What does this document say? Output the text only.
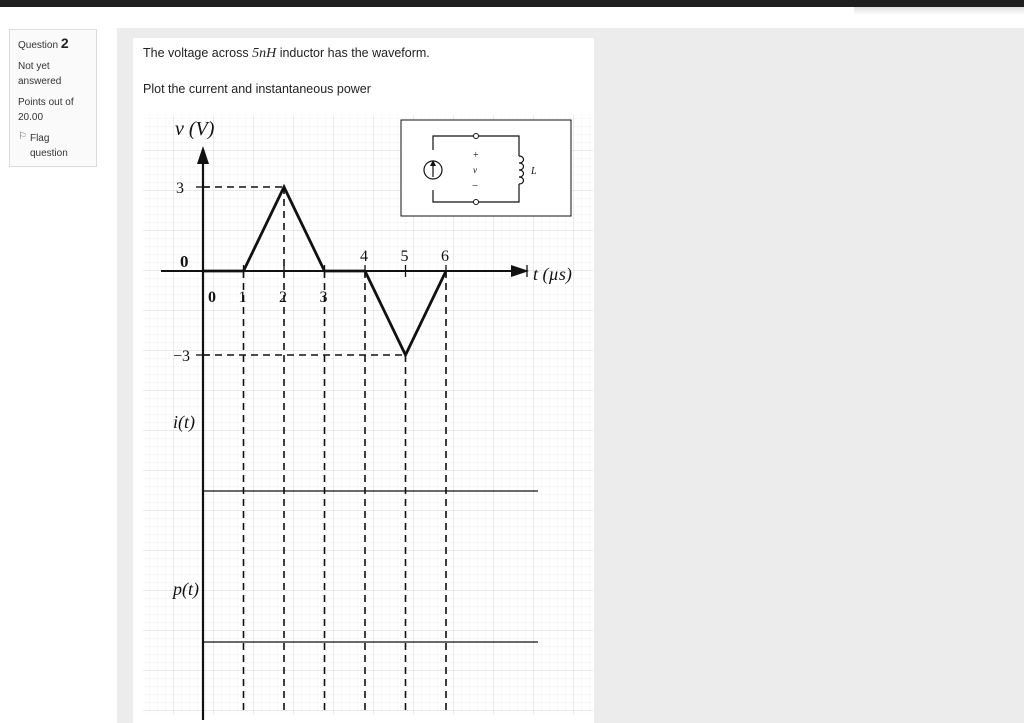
Question 2

Not yet

answered

Points out of

20.00

⚐ Flag

question

The voltage across 5nH inductor has the waveform.

Plot the current and instantaneous power

+
v
−
L
v (V)
t (µs)
i(t)
p(t)
3
0
−3
4 5 6
0 1 2 3
